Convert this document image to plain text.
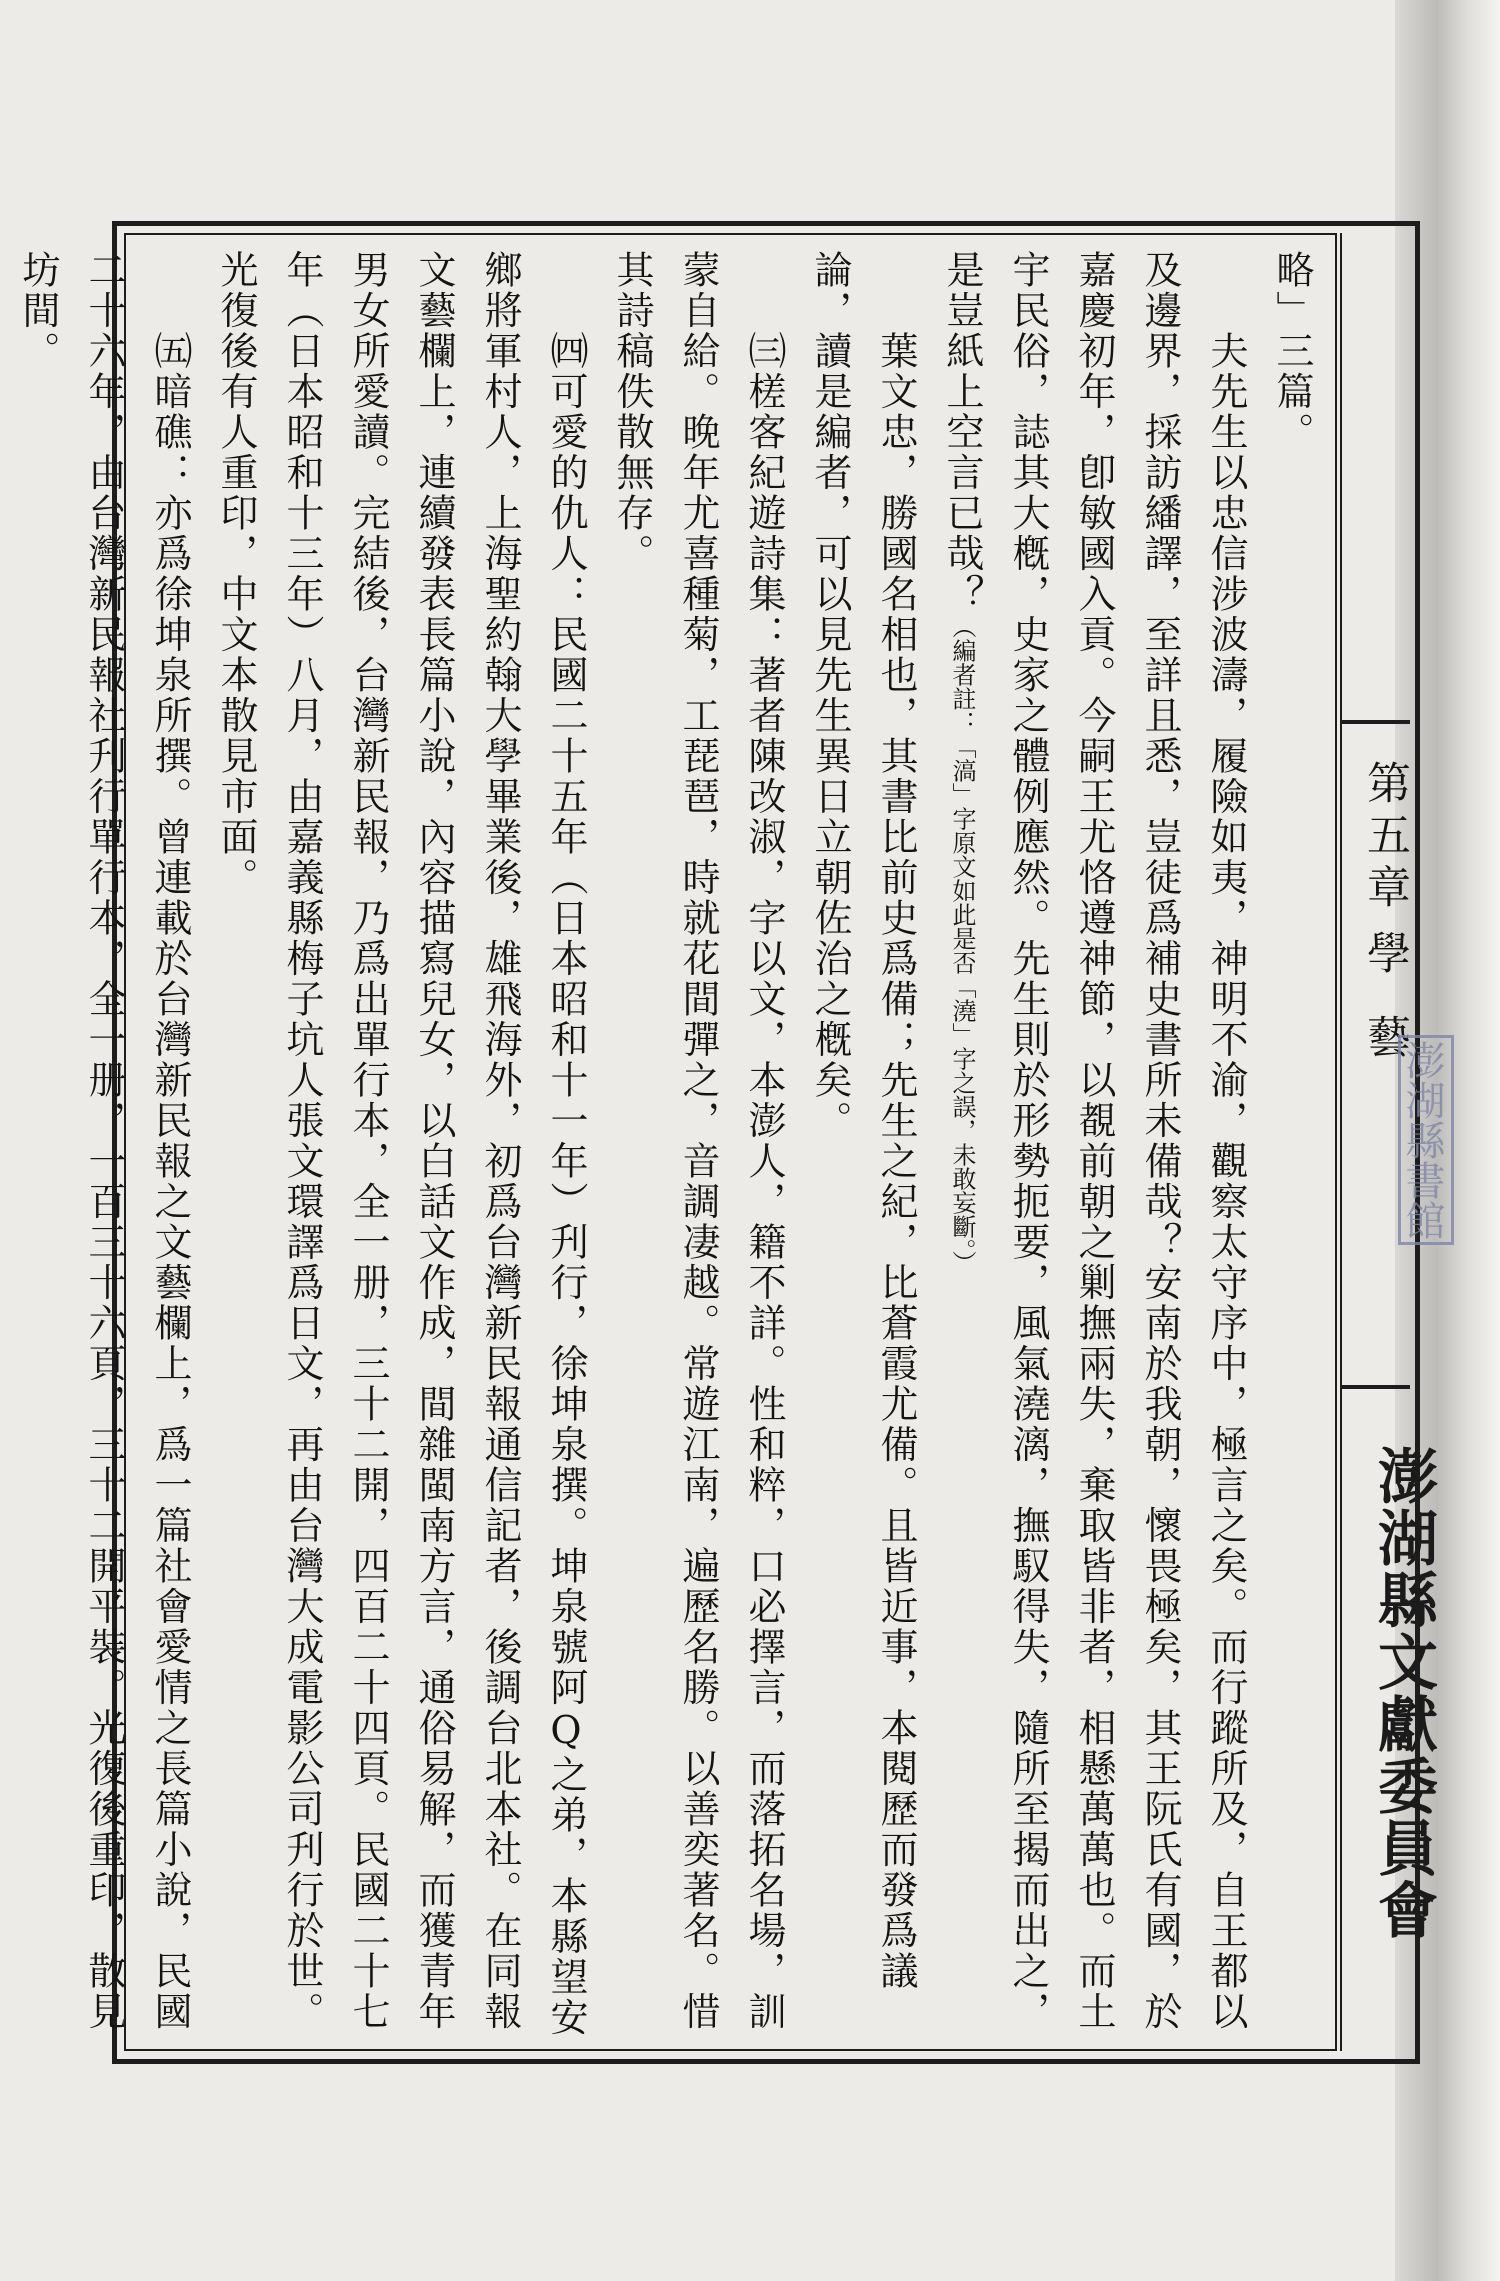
第五章
學藝
澎湖縣書館
澎湖縣文獻委員會

略」三篇。

　　夫先生以忠信涉波濤，履險如夷，神明不渝，觀察太守序中，極言之矣。而行蹤所及，自王都以及邊界，採訪繙譯，至詳且悉，豈徒爲補史書所未備哉？安南於我朝，懷畏極矣，其王阮氏有國，於嘉慶初年，卽敏國入貢。今嗣王尤恪遵神節，以覩前朝之剿撫兩失，棄取皆非者，相懸萬萬也。而土宇民俗，誌其大槪，史家之體例應然。先生則於形勢扼要，風氣澆漓，撫馭得失，隨所至揭而出之，是豈紙上空言已哉？（編者註：「滈」字原文如此是否「澆」字之誤，未敢妄斷。）

　　葉文忠，勝國名相也，其書比前史爲備；先生之紀，比蒼霞尤備。且皆近事，本閱歷而發爲議論，讀是編者，可以見先生異日立朝佐治之槪矣。

　　㈢槎客紀遊詩集：著者陳改淑，字以文，本澎人，籍不詳。性和粹，口必擇言，而落拓名場，訓蒙自給。晚年尤喜種菊，工琵琶，時就花間彈之，音調凄越。常遊江南，遍歷名勝。以善奕著名。惜其詩稿佚散無存。

　　㈣可愛的仇人：民國二十五年（日本昭和十一年）刋行，徐坤泉撰。坤泉號阿Q之弟，本縣望安鄉將軍村人，上海聖約翰大學畢業後，雄飛海外，初爲台灣新民報通信記者，後調台北本社。在同報文藝欄上，連續發表長篇小說，內容描寫兒女，以白話文作成，間雜閩南方言，通俗易解，而獲青年男女所愛讀。完結後，台灣新民報，乃爲出單行本，全一册，三十二開，四百二十四頁。民國二十七年（日本昭和十三年）八月，由嘉義縣梅子坑人張文環譯爲日文，再由台灣大成電影公司刋行於世。光復後有人重印，中文本散見市面。

　　㈤暗礁：亦爲徐坤泉所撰。曾連載於台灣新民報之文藝欄上，爲一篇社會愛情之長篇小說，民國二十六年，由台灣新民報社刋行單行本，全一册，一百三十六頁，三十二開平裝。光復後重印，散見坊間。
